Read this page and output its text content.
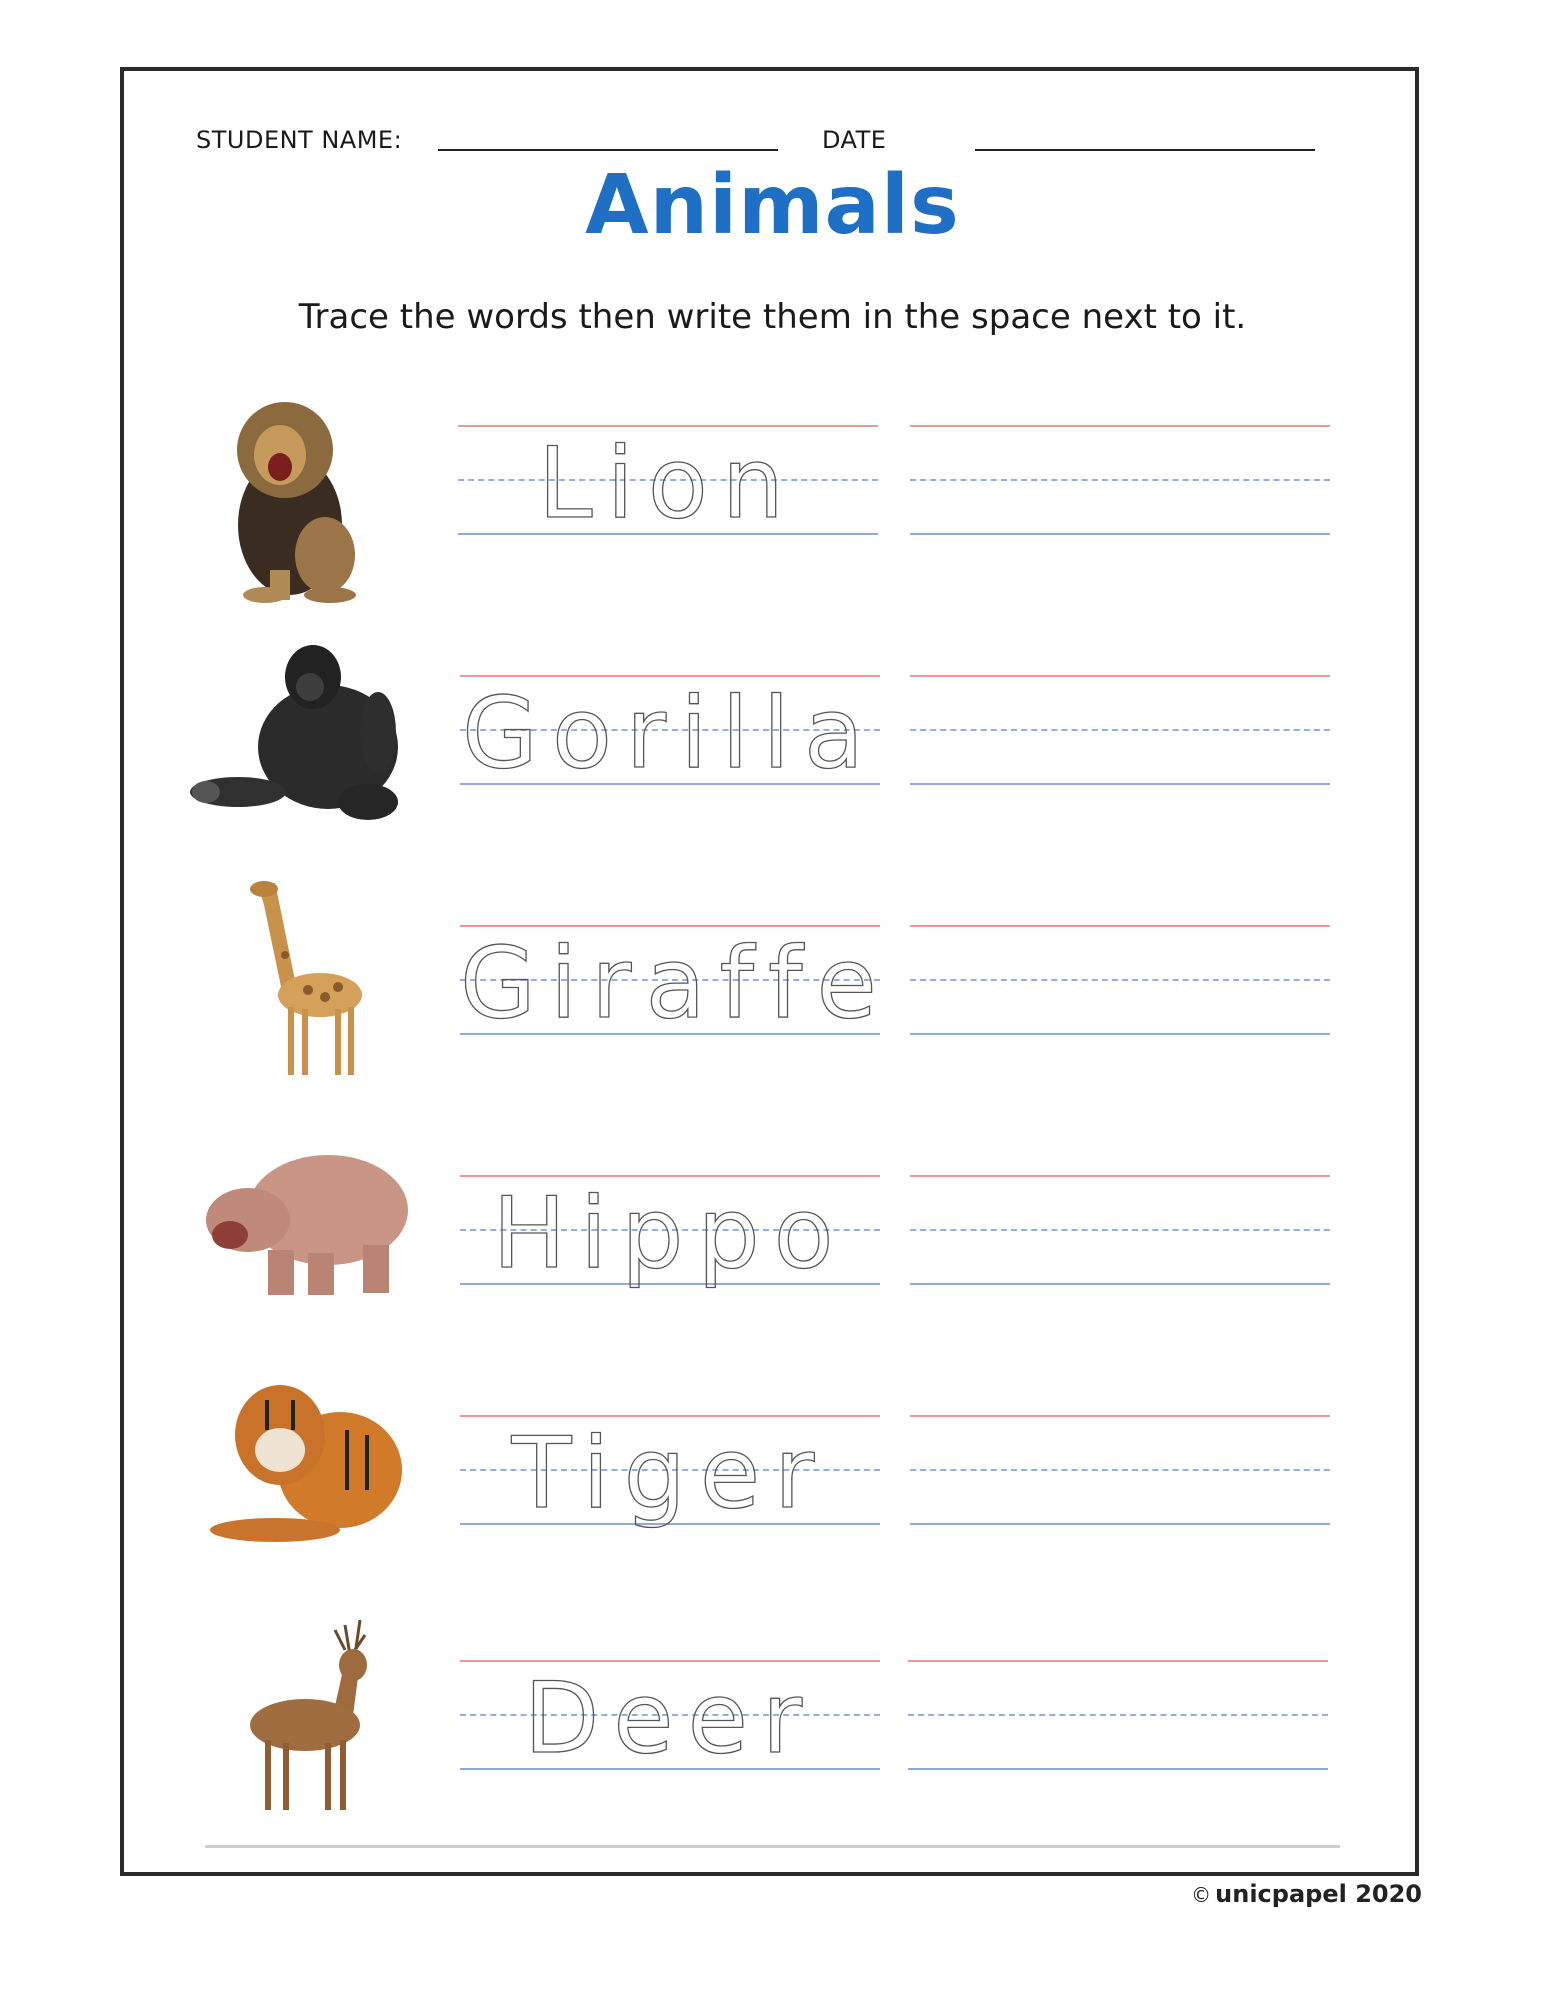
STUDENT NAME:	DATE
Animals
Trace the words then write them in the space next to it.
Lion
Gorilla
Giraffe
Hippo
Tiger
Deer
© unicpapel 2020
